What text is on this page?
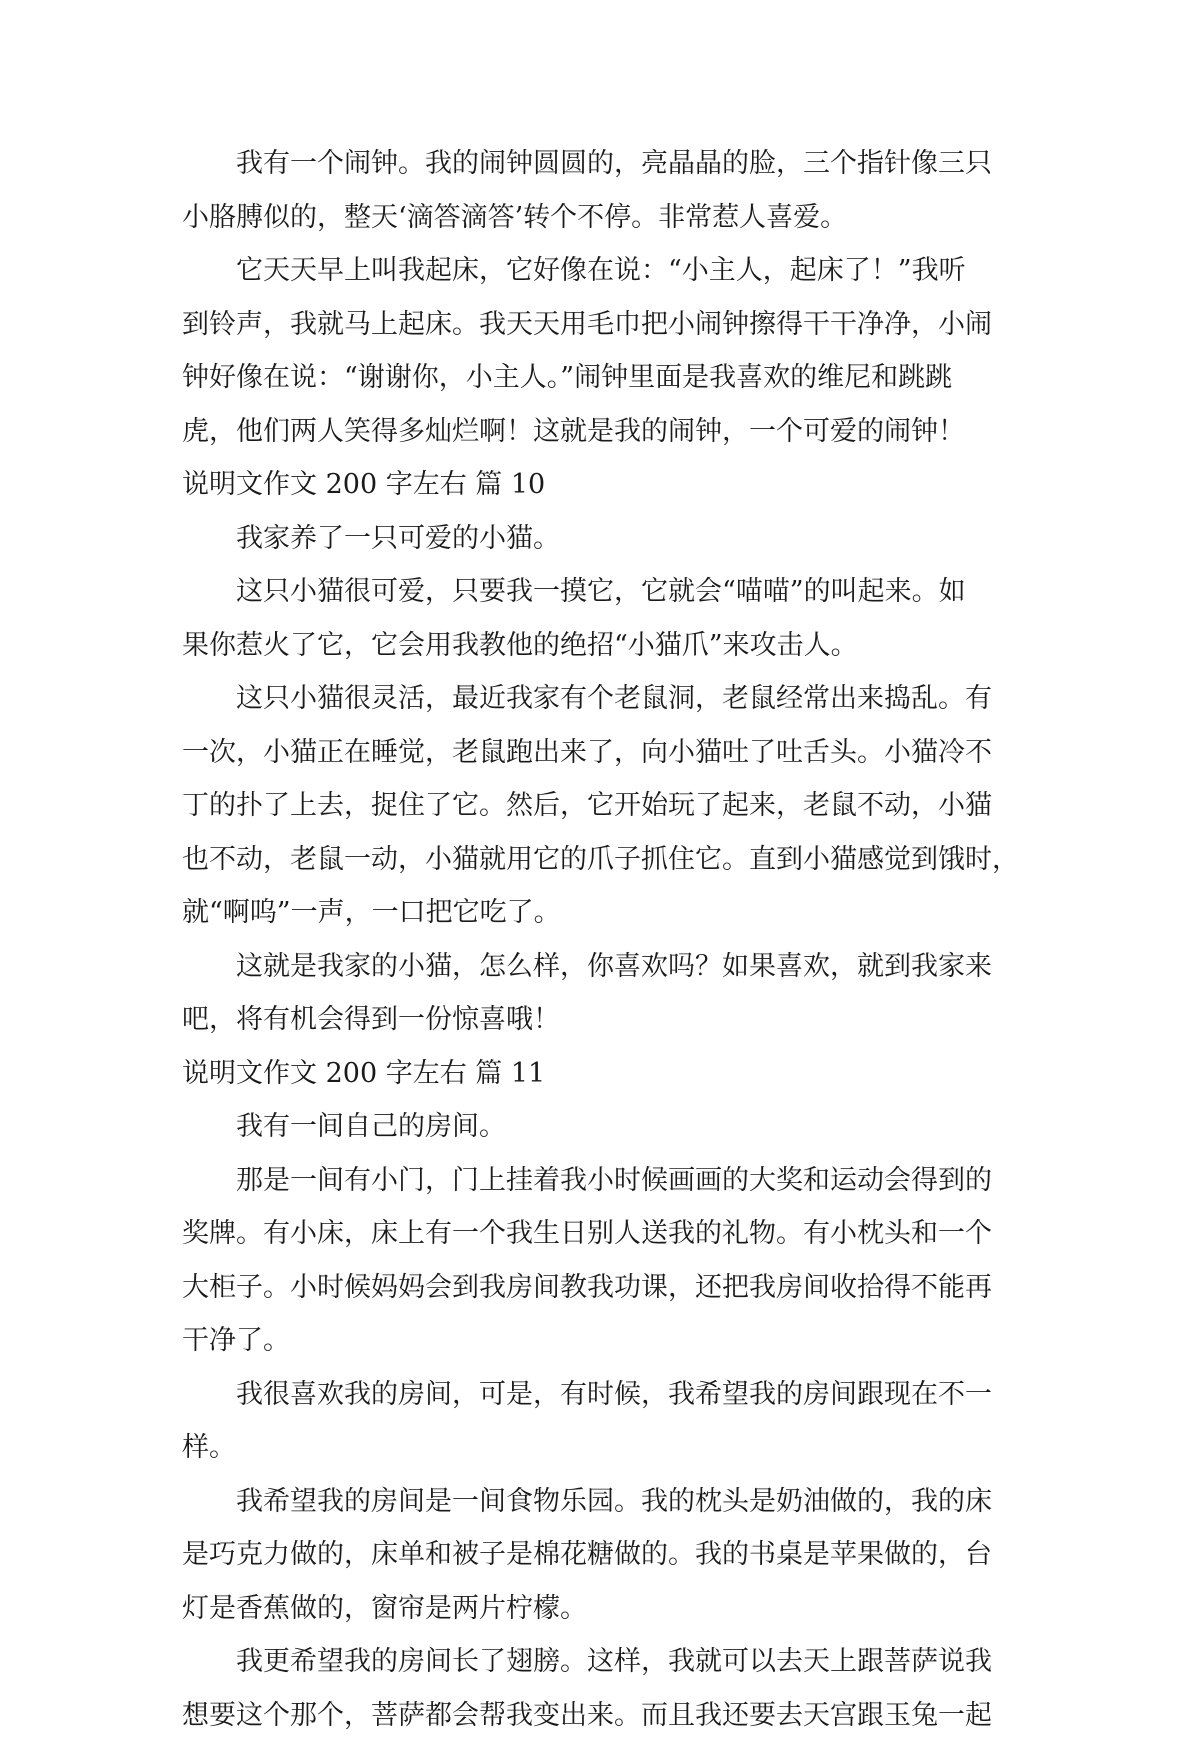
我有一个闹钟。我的闹钟圆圆的，亮晶晶的脸，三个指针像三只
小胳膊似的，整天‘滴答滴答’转个不停。非常惹人喜爱。
它天天早上叫我起床，它好像在说：“小主人，起床了！”我听
到铃声，我就马上起床。我天天用毛巾把小闹钟擦得干干净净，小闹
钟好像在说：“谢谢你，小主人。”闹钟里面是我喜欢的维尼和跳跳
虎，他们两人笑得多灿烂啊！这就是我的闹钟，一个可爱的闹钟！
说明文作文 200 字左右 篇 10
我家养了一只可爱的小猫。
这只小猫很可爱，只要我一摸它，它就会“喵喵”的叫起来。如
果你惹火了它，它会用我教他的绝招“小猫爪”来攻击人。
这只小猫很灵活，最近我家有个老鼠洞，老鼠经常出来捣乱。有
一次，小猫正在睡觉，老鼠跑出来了，向小猫吐了吐舌头。小猫冷不
丁的扑了上去，捉住了它。然后，它开始玩了起来，老鼠不动，小猫
也不动，老鼠一动，小猫就用它的爪子抓住它。直到小猫感觉到饿时，
就“啊呜”一声，一口把它吃了。
这就是我家的小猫，怎么样，你喜欢吗？如果喜欢，就到我家来
吧，将有机会得到一份惊喜哦！
说明文作文 200 字左右 篇 11
我有一间自己的房间。
那是一间有小门，门上挂着我小时候画画的大奖和运动会得到的
奖牌。有小床，床上有一个我生日别人送我的礼物。有小枕头和一个
大柜子。小时候妈妈会到我房间教我功课，还把我房间收拾得不能再
干净了。
我很喜欢我的房间，可是，有时候，我希望我的房间跟现在不一
样。
我希望我的房间是一间食物乐园。我的枕头是奶油做的，我的床
是巧克力做的，床单和被子是棉花糖做的。我的书桌是苹果做的，台
灯是香蕉做的，窗帘是两片柠檬。
我更希望我的房间长了翅膀。这样，我就可以去天上跟菩萨说我
想要这个那个，菩萨都会帮我变出来。而且我还要去天宫跟玉兔一起
